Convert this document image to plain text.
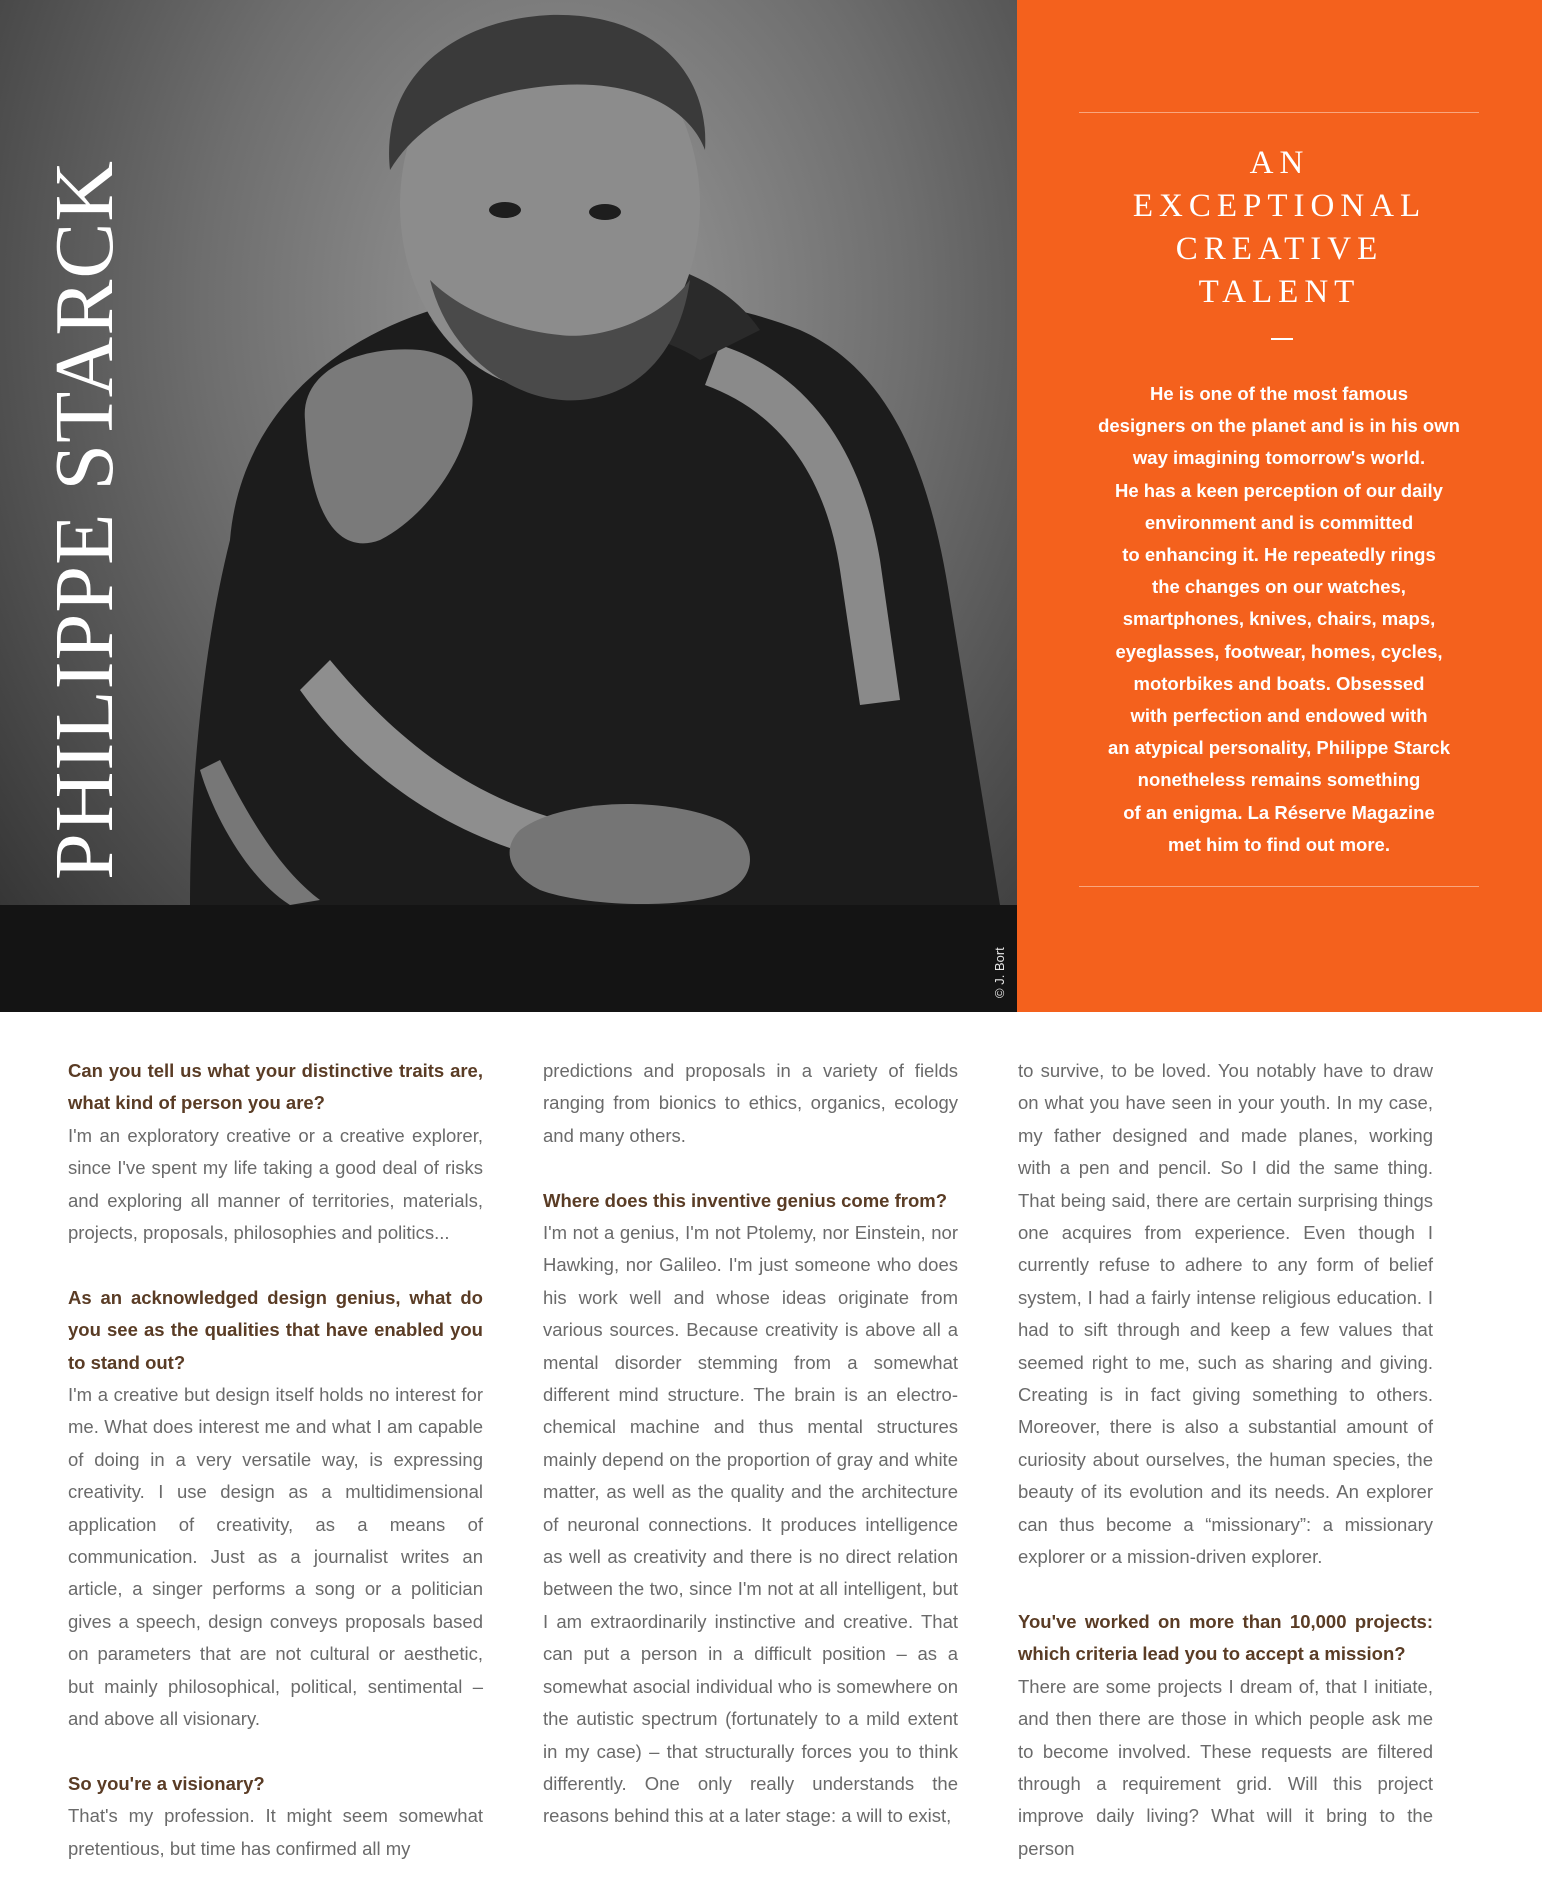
PHILIPPE STARCK
© J. Bort
AN
EXCEPTIONAL
CREATIVE
TALENT
He is one of the most famous
designers on the planet and is in his own
way imagining tomorrow's world.
He has a keen perception of our daily
environment and is committed
to enhancing it. He repeatedly rings
the changes on our watches,
smartphones, knives, chairs, maps,
eyeglasses, footwear, homes, cycles,
motorbikes and boats. Obsessed
with perfection and endowed with
an atypical personality, Philippe Starck
nonetheless remains something
of an enigma. La Réserve Magazine
met him to find out more.

Can you tell us what your distinctive traits are, what kind of person you are?

I'm an exploratory creative or a creative explorer, since I've spent my life taking a good deal of risks and exploring all manner of territories, materials, projects, proposals, philosophies and politics...

As an acknowledged design genius, what do you see as the qualities that have enabled you to stand out?

I'm a creative but design itself holds no interest for me. What does interest me and what I am capable of doing in a very versatile way, is expressing creativity. I use design as a multidimensional application of creativity, as a means of communication. Just as a journalist writes an article, a singer performs a song or a politician gives a speech, design conveys proposals based on parameters that are not cultural or aesthetic, but mainly philosophical, political, sentimental – and above all visionary.

So you're a visionary?

That's my profession. It might seem somewhat pretentious, but time has confirmed all my

predictions and proposals in a variety of fields ranging from bionics to ethics, organics, ecology and many others.

Where does this inventive genius come from?

I'm not a genius, I'm not Ptolemy, nor Einstein, nor Hawking, nor Galileo. I'm just someone who does his work well and whose ideas originate from various sources. Because creativity is above all a mental disorder stemming from a somewhat different mind structure. The brain is an electro-chemical machine and thus mental structures mainly depend on the proportion of gray and white matter, as well as the quality and the architecture of neuronal connections. It produces intelligence as well as creativity and there is no direct relation between the two, since I'm not at all intelligent, but I am extraordinarily instinctive and creative. That can put a person in a difficult position – as a somewhat asocial individual who is somewhere on the autistic spectrum (fortunately to a mild extent in my case) – that structurally forces you to think differently. One only really understands the reasons behind this at a later stage: a will to exist,

to survive, to be loved. You notably have to draw on what you have seen in your youth. In my case, my father designed and made planes, working with a pen and pencil. So I did the same thing. That being said, there are certain surprising things one acquires from experience. Even though I currently refuse to adhere to any form of belief system, I had a fairly intense religious education. I had to sift through and keep a few values that seemed right to me, such as sharing and giving. Creating is in fact giving something to others. Moreover, there is also a substantial amount of curiosity about ourselves, the human species, the beauty of its evolution and its needs. An explorer can thus become a “missionary”: a missionary explorer or a mission-driven explorer.

You've worked on more than 10,000 projects: which criteria lead you to accept a mission?

There are some projects I dream of, that I initiate, and then there are those in which people ask me to become involved. These requests are filtered through a requirement grid. Will this project improve daily living? What will it bring to the person
